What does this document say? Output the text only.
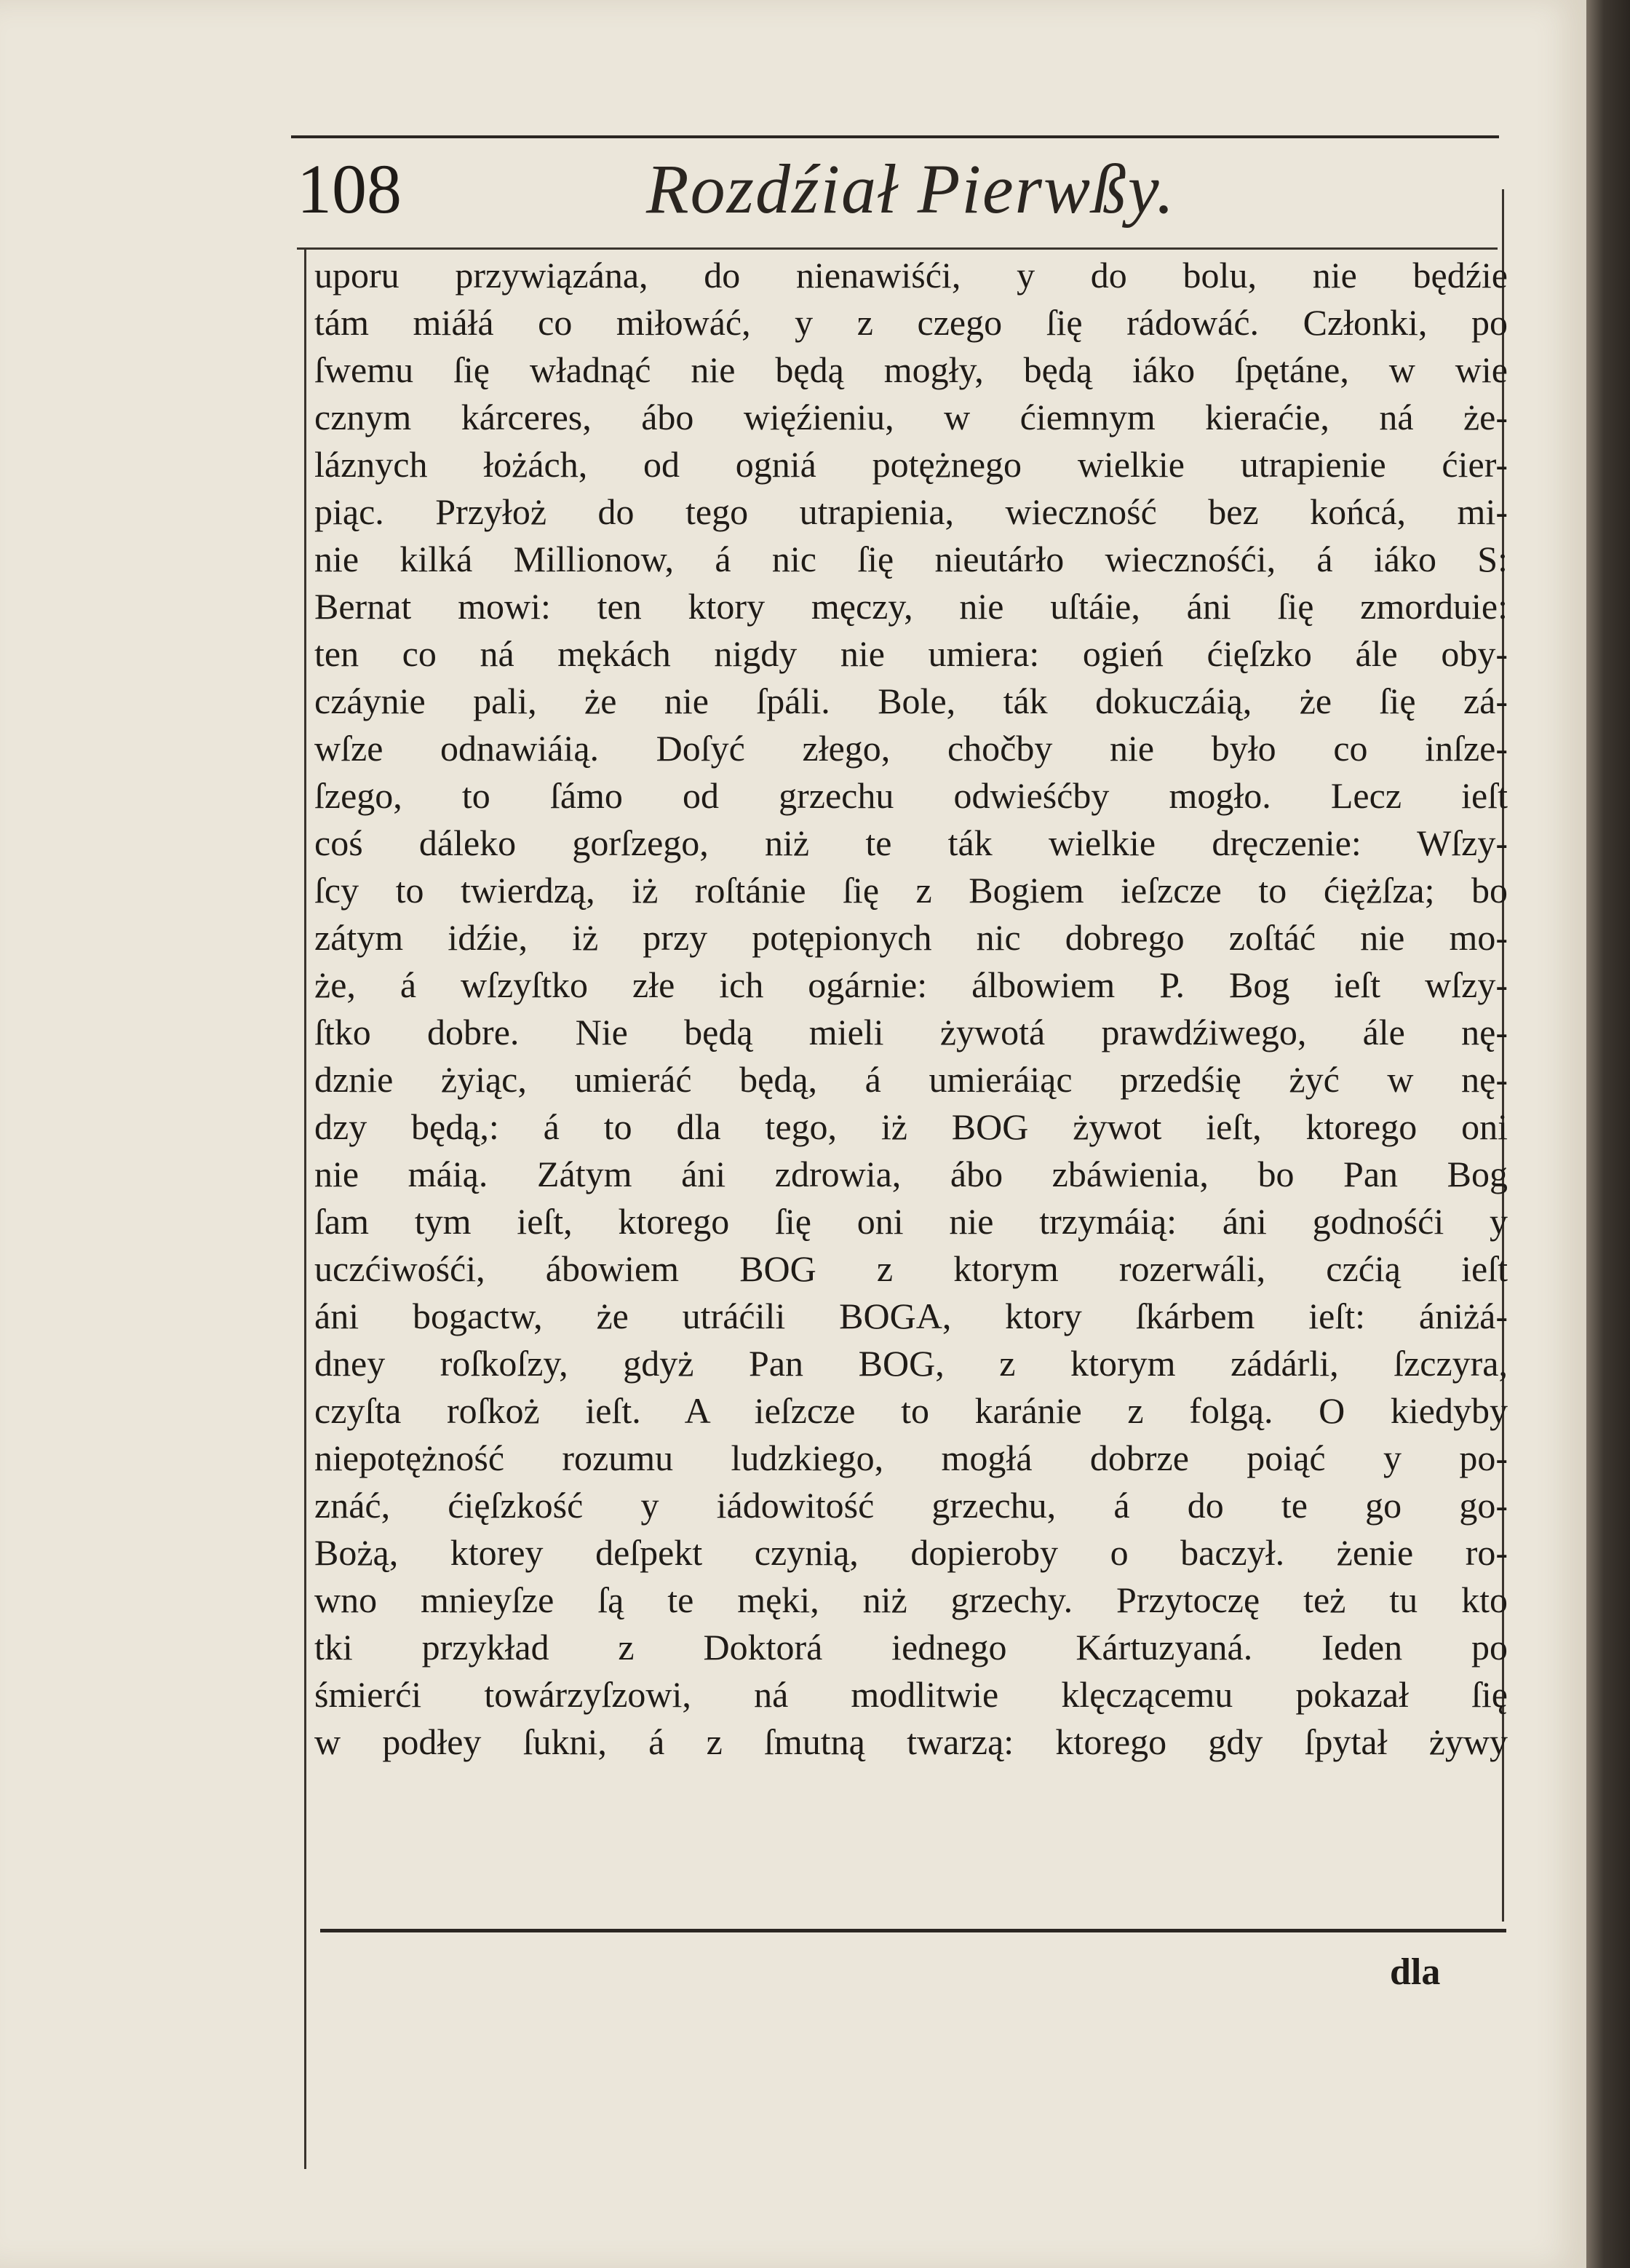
108	Rozdźiał Pierwßy.
uporu przywiązána, do nienawiśći, y do bolu, nie będźie
tám miáłá co miłowáć, y z czego ſię rádowáć. Członki, po
ſwemu ſię władnąć nie będą mogły, będą iáko ſpętáne, w wie
cznym kárceres, ábo więźieniu, w ćiemnym kieraćie, ná że-
láznych łożách, od ogniá potężnego wielkie utrapienie ćier-
piąc. Przyłoż do tego utrapienia, wieczność bez końcá, mi-
nie kilká Millionow, á nic ſię nieutárło wiecznośći, á iáko S:
Bernat mowi: ten ktory męczy, nie uſtáie, áni ſię zmorduie:
ten co ná mękách nigdy nie umiera: ogień ćięſzko ále oby-
czáynie pali, że nie ſpáli. Bole, ták dokuczáią, że ſię zá-
wſze odnawiáią. Doſyć złego, chočby nie było co inſze-
ſzego, to ſámo od grzechu odwieśćby mogło. Lecz ieſt
coś dáleko gorſzego, niż te ták wielkie dręczenie: Wſzy-
ſcy to twierdzą, iż roſtánie ſię z Bogiem ieſzcze to ćiężſza; bo
zátym idźie, iż przy potępionych nic dobrego zoſtáć nie mo-
że, á wſzyſtko złe ich ogárnie: álbowiem P. Bog ieſt wſzy-
ſtko dobre. Nie będą mieli żywotá prawdźiwego, ále nę-
dznie żyiąc, umieráć będą, á umieráiąc przedśię żyć w nę-
dzy będą,: á to dla tego, iż BOG żywot ieſt, ktorego oni
nie máią. Zátym áni zdrowia, ábo zbáwienia, bo Pan Bog
ſam tym ieſt, ktorego ſię oni nie trzymáią: áni godnośći y
uczćiwośći, ábowiem BOG z ktorym rozerwáli, czćią ieſt
áni bogactw, że utráćili BOGA, ktory ſkárbem ieſt: ániżá-
dney roſkoſzy, gdyż Pan BOG, z ktorym zádárli, ſzczyra,
czyſta roſkoż ieſt. A ieſzcze to karánie z folgą. O kiedyby
niepotężność rozumu ludzkiego, mogłá dobrze poiąć y po-
znáć, ćięſzkość y iádowitość grzechu, á do te go go-
Bożą, ktorey deſpekt czynią, dopieroby o baczył. żenie ro-
wno mnieyſze ſą te męki, niż grzechy. Przytoczę też tu kto
tki przykład z Doktorá iednego Kártuzyaná. Ieden po
śmierći towárzyſzowi, ná modlitwie klęczącemu pokazał ſię
w podłey ſukni, á z ſmutną twarzą: ktorego gdy ſpytał żywy
dla
